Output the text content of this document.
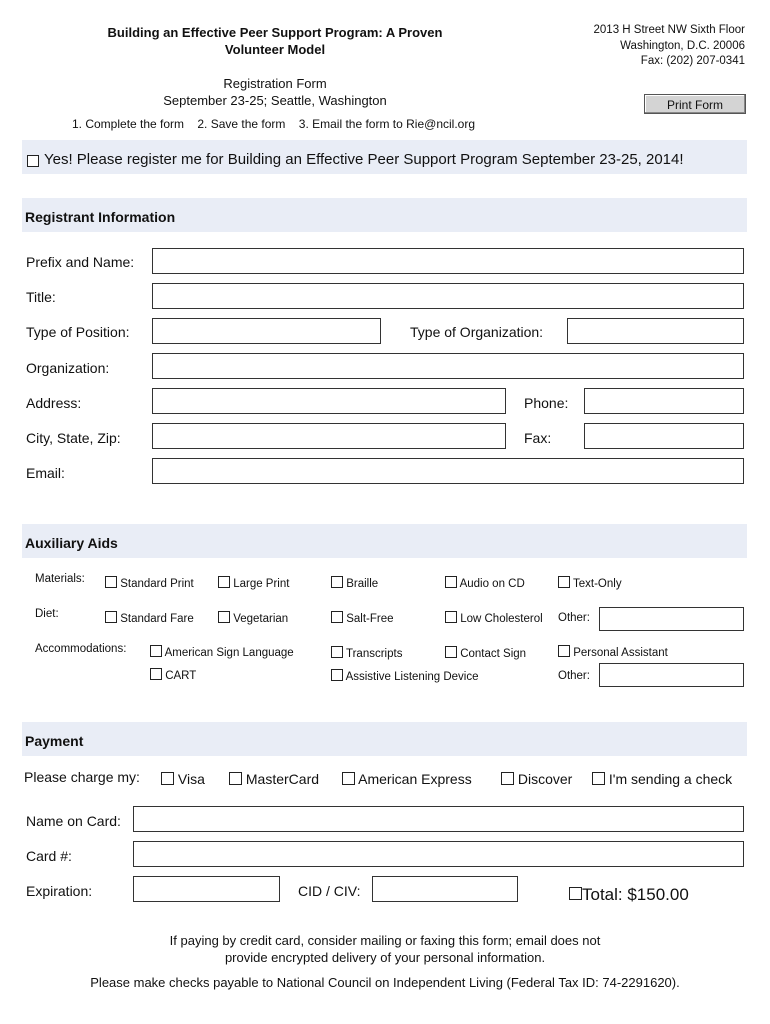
Building an Effective Peer Support Program: A Proven
Volunteer Model
2013 H Street NW Sixth Floor
Washington, D.C. 20006
Fax: (202) 207-0341
Registration Form
September 23-25; Seattle, Washington	Print Form
1. Complete the form    2. Save the form    3. Email the form to Rie@ncil.org
Yes! Please register me for Building an Effective Peer Support Program September 23-25, 2014!
Registrant Information
Prefix and Name:
Title:
Type of Position:	Type of Organization:
Organization:
Address:	Phone:
City, State, Zip:	Fax:
Email:
Auxiliary Aids
Materials:	Standard Print	Large Print	Braille	Audio on CD	Text-Only
Diet:	Standard Fare	Vegetarian	Salt-Free	Low Cholesterol Other:
Accommodations:	American Sign Language	Transcripts	Contact Sign	Personal Assistant
CART	Assistive Listening Device	Other:
Payment
Please charge my:	Visa	MasterCard	American Express	Discover	I'm sending a check
Name on Card:
Card #:
Expiration:	CID / CIV:	Total: $150.00
If paying by credit card, consider mailing or faxing this form; email does not
provide encrypted delivery of your personal information.
Please make checks payable to National Council on Independent Living (Federal Tax ID: 74-2291620).
